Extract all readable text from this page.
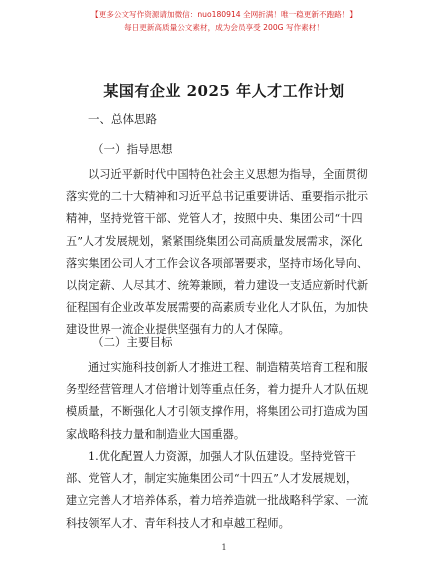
【更多公文写作资源请加微信：nuo180914 全网折满！唯一稳更新不跑路！】
每日更新高质量公文素材，成为会员享受 200G 写作素材！
某国有企业 2025 年人才工作计划
一、总体思路
（一）指导思想
以习近平新时代中国特色社会主义思想为指导，全面贯彻
落实党的二十大精神和习近平总书记重要讲话、重要指示批示
精神，坚持党管干部、党管人才，按照中央、集团公司“十四
五”人才发展规划，紧紧围绕集团公司高质量发展需求，深化
落实集团公司人才工作会议各项部署要求，坚持市场化导向、
以岗定薪、人尽其才、统筹兼顾，着力建设一支适应新时代新
征程国有企业改革发展需要的高素质专业化人才队伍，为加快
建设世界一流企业提供坚强有力的人才保障。
（二）主要目标
通过实施科技创新人才推进工程、制造精英培育工程和服
务型经营管理人才倍增计划等重点任务，着力提升人才队伍规
模质量，不断强化人才引领支撑作用，将集团公司打造成为国
家战略科技力量和制造业大国重器。
1.优化配置人力资源，加强人才队伍建设。坚持党管干
部、党管人才，制定实施集团公司“十四五”人才发展规划，
建立完善人才培养体系，着力培养造就一批战略科学家、一流
科技领军人才、青年科技人才和卓越工程师。
1
